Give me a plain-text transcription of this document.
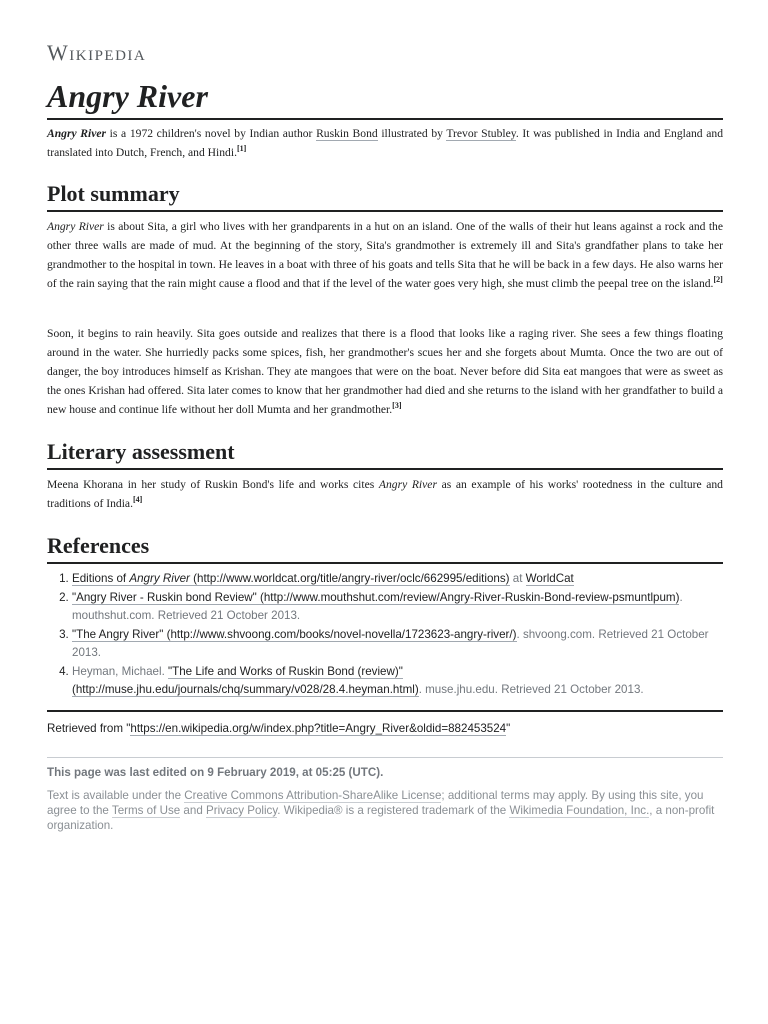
Wikipedia
Angry River

Angry River is a 1972 children's novel by Indian author Ruskin Bond illustrated by Trevor Stubley. It was published in India and England and translated into Dutch, French, and Hindi.[1]

Plot summary

Angry River is about Sita, a girl who lives with her grandparents in a hut on an island. One of the walls of their hut leans against a rock and the other three walls are made of mud. At the beginning of the story, Sita's grandmother is extremely ill and Sita's grandfather plans to take her grandmother to the hospital in town. He leaves in a boat with three of his goats and tells Sita that he will be back in a few days. He also warns her of the rain saying that the rain might cause a flood and that if the level of the water goes very high, she must climb the peepal tree on the island.[2]

Soon, it begins to rain heavily. Sita goes outside and realizes that there is a flood that looks like a raging river. She sees a few things floating around in the water. She hurriedly packs some spices, fish, her grandmother's scues her and she forgets about Mumta. Once the two are out of danger, the boy introduces himself as Krishan. They ate mangoes that were on the boat. Never before did Sita eat mangoes that were as sweet as the ones Krishan had offered. Sita later comes to know that her grandmother had died and she returns to the island with her grandfather to build a new house and continue life without her doll Mumta and her grandmother.[3]

Literary assessment

Meena Khorana in her study of Ruskin Bond's life and works cites Angry River as an example of his works' rootedness in the culture and traditions of India.[4]

References
1. Editions of Angry River (http://www.worldcat.org/title/angry-river/oclc/662995/editions) at WorldCat
2. "Angry River - Ruskin bond Review" (http://www.mouthshut.com/review/Angry-River-Ruskin-Bond-review-psmuntlpum). mouthshut.com. Retrieved 21 October 2013.
3. "The Angry River" (http://www.shvoong.com/books/novel-novella/1723623-angry-river/). shvoong.com. Retrieved 21 October 2013.
4. Heyman, Michael. "The Life and Works of Ruskin Bond (review)" (http://muse.jhu.edu/journals/chq/summary/v028/28.4.heyman.html). muse.jhu.edu. Retrieved 21 October 2013.
Retrieved from "https://en.wikipedia.org/w/index.php?title=Angry_River&oldid=882453524"
This page was last edited on 9 February 2019, at 05:25 (UTC).
Text is available under the Creative Commons Attribution-ShareAlike License; additional terms may apply. By using this site, you agree to the Terms of Use and Privacy Policy. Wikipedia® is a registered trademark of the Wikimedia Foundation, Inc., a non-profit organization.
